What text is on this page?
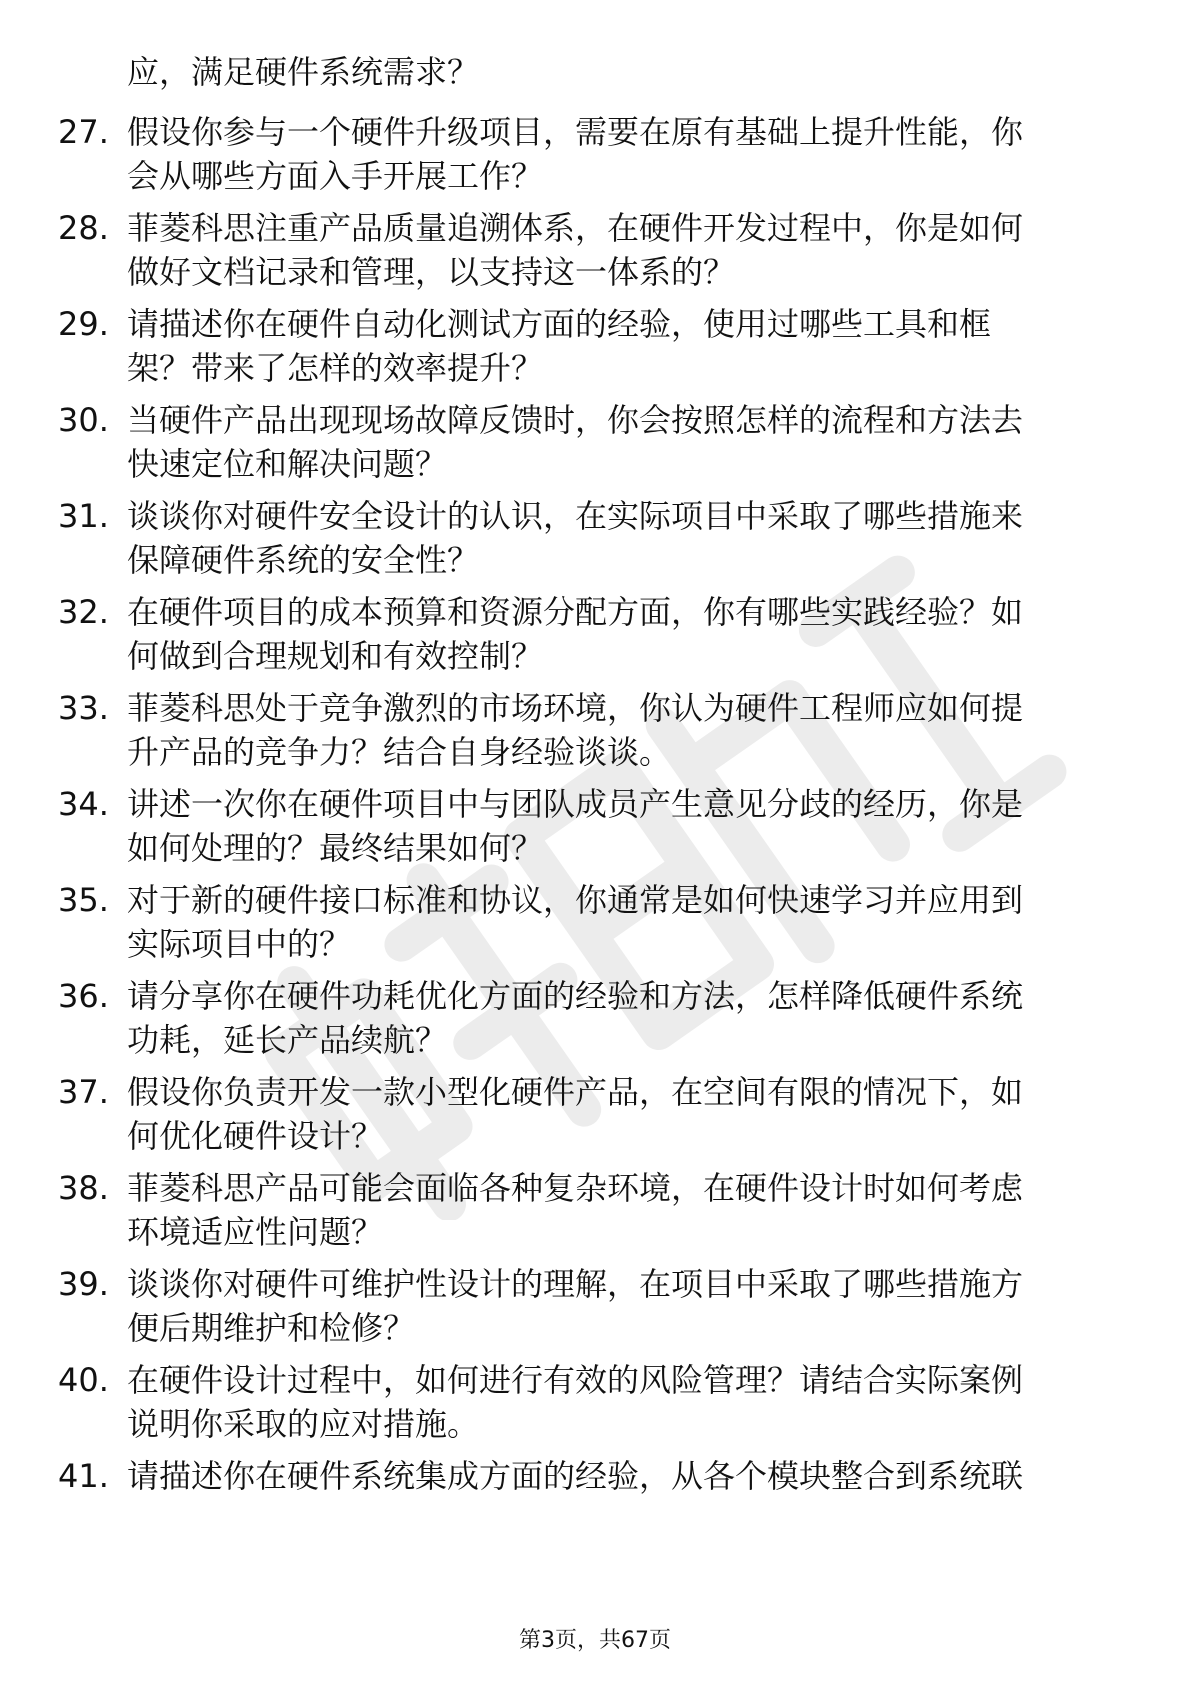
应，满足硬件系统需求？
27. 假设你参与一个硬件升级项目，需要在原有基础上提升性能，你
会从哪些方面入手开展工作？
28. 菲菱科思注重产品质量追溯体系，在硬件开发过程中，你是如何
做好文档记录和管理，以支持这一体系的？
29. 请描述你在硬件自动化测试方面的经验，使用过哪些工具和框
架？带来了怎样的效率提升？
30. 当硬件产品出现现场故障反馈时，你会按照怎样的流程和方法去
快速定位和解决问题？
31. 谈谈你对硬件安全设计的认识，在实际项目中采取了哪些措施来
保障硬件系统的安全性？
32. 在硬件项目的成本预算和资源分配方面，你有哪些实践经验？如
何做到合理规划和有效控制？
33. 菲菱科思处于竞争激烈的市场环境，你认为硬件工程师应如何提
升产品的竞争力？结合自身经验谈谈。
34. 讲述一次你在硬件项目中与团队成员产生意见分歧的经历，你是
如何处理的？最终结果如何？
35. 对于新的硬件接口标准和协议，你通常是如何快速学习并应用到
实际项目中的？
36. 请分享你在硬件功耗优化方面的经验和方法，怎样降低硬件系统
功耗，延长产品续航？
37. 假设你负责开发一款小型化硬件产品，在空间有限的情况下，如
何优化硬件设计？
38. 菲菱科思产品可能会面临各种复杂环境，在硬件设计时如何考虑
环境适应性问题？
39. 谈谈你对硬件可维护性设计的理解，在项目中采取了哪些措施方
便后期维护和检修？
40. 在硬件设计过程中，如何进行有效的风险管理？请结合实际案例
说明你采取的应对措施。
41. 请描述你在硬件系统集成方面的经验，从各个模块整合到系统联
第3页，共67页
